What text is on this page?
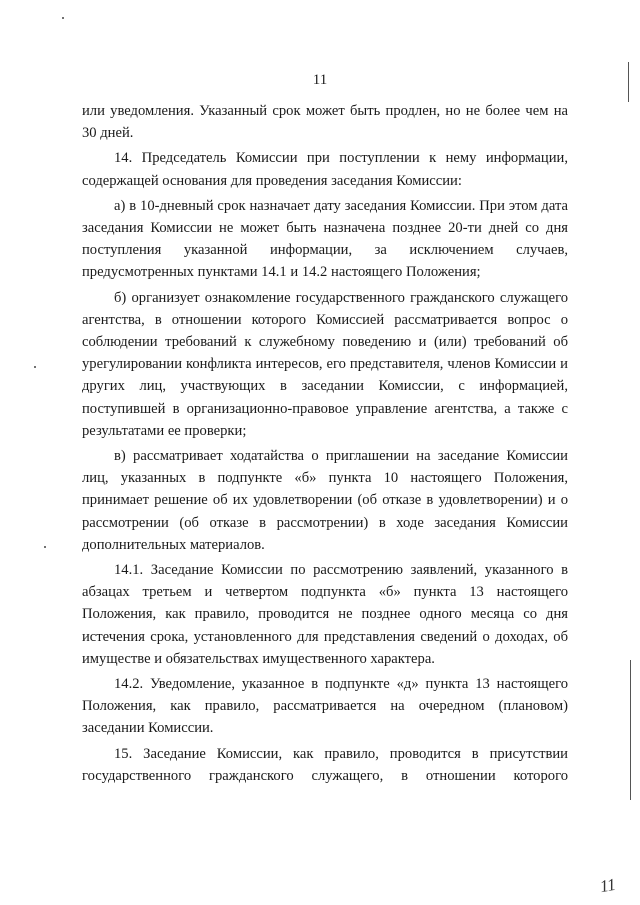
11

или уведомления. Указанный срок может быть продлен, но не более чем на 30 дней.

14. Председатель Комиссии при поступлении к нему информации, содержащей основания для проведения заседания Комиссии:

а) в 10-дневный срок назначает дату заседания Комиссии. При этом дата заседания Комиссии не может быть назначена позднее 20-ти дней со дня поступления указанной информации, за исключением случаев, предусмотренных пунктами 14.1 и 14.2 настоящего Положения;

б) организует ознакомление государственного гражданского служащего агентства, в отношении которого Комиссией рассматривается вопрос о соблюдении требований к служебному поведению и (или) требований об урегулировании конфликта интересов, его представителя, членов Комиссии и других лиц, участвующих в заседании Комиссии, с информацией, поступившей в организационно-правовое управление агентства, а также с результатами ее проверки;

в) рассматривает ходатайства о приглашении на заседание Комиссии лиц, указанных в подпункте «б» пункта 10 настоящего Положения, принимает решение об их удовлетворении (об отказе в удовлетворении) и о рассмотрении (об отказе в рассмотрении) в ходе заседания Комиссии дополнительных материалов.

14.1. Заседание Комиссии по рассмотрению заявлений, указанного в абзацах третьем и четвертом подпункта «б» пункта 13 настоящего Положения, как правило, проводится не позднее одного месяца со дня истечения срока, установленного для представления сведений о доходах, об имуществе и обязательствах имущественного характера.

14.2. Уведомление, указанное в подпункте «д» пункта 13 настоящего Положения, как правило, рассматривается на очередном (плановом) заседании Комиссии.

15. Заседание Комиссии, как правило, проводится в присутствии государственного гражданского служащего, в отношении которого

11
